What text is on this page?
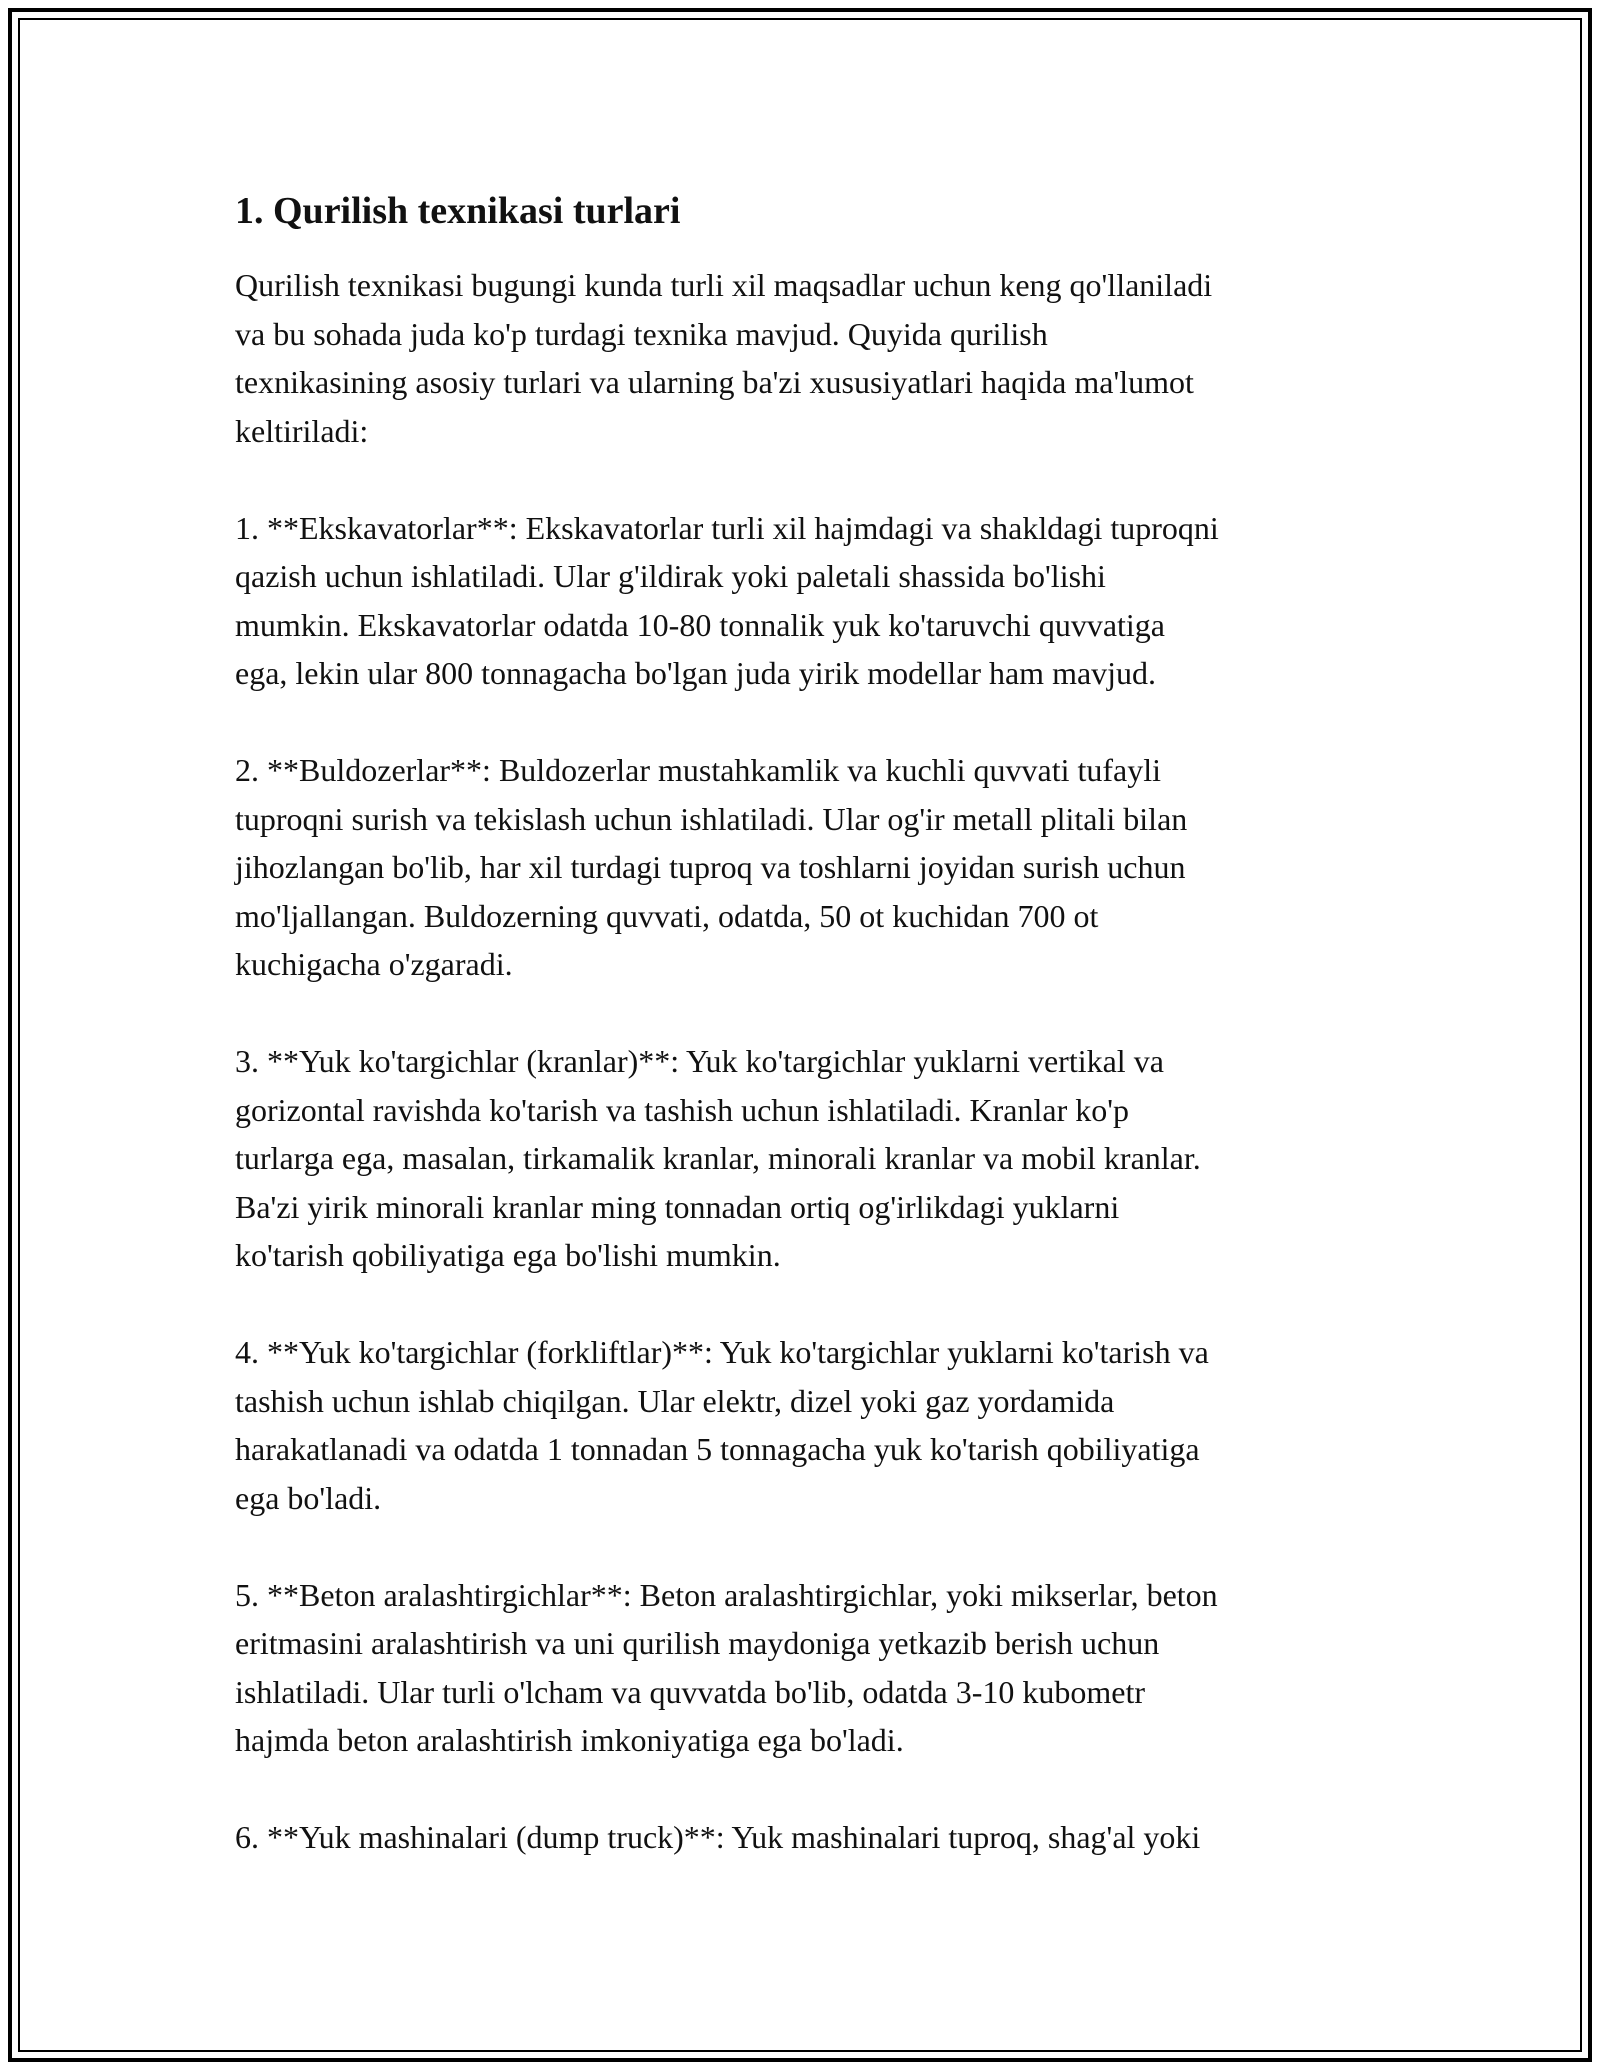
1. Qurilish texnikasi turlari

Qurilish texnikasi bugungi kunda turli xil maqsadlar uchun keng qo'llaniladi
va bu sohada juda ko'p turdagi texnika mavjud. Quyida qurilish
texnikasining asosiy turlari va ularning ba'zi xususiyatlari haqida ma'lumot
keltiriladi:

1. **Ekskavatorlar**: Ekskavatorlar turli xil hajmdagi va shakldagi tuproqni
qazish uchun ishlatiladi. Ular g'ildirak yoki paletali shassida bo'lishi
mumkin. Ekskavatorlar odatda 10-80 tonnalik yuk ko'taruvchi quvvatiga
ega, lekin ular 800 tonnagacha bo'lgan juda yirik modellar ham mavjud.

2. **Buldozerlar**: Buldozerlar mustahkamlik va kuchli quvvati tufayli
tuproqni surish va tekislash uchun ishlatiladi. Ular og'ir metall plitali bilan
jihozlangan bo'lib, har xil turdagi tuproq va toshlarni joyidan surish uchun
mo'ljallangan. Buldozerning quvvati, odatda, 50 ot kuchidan 700 ot
kuchigacha o'zgaradi.

3. **Yuk ko'targichlar (kranlar)**: Yuk ko'targichlar yuklarni vertikal va
gorizontal ravishda ko'tarish va tashish uchun ishlatiladi. Kranlar ko'p
turlarga ega, masalan, tirkamalik kranlar, minorali kranlar va mobil kranlar.
Ba'zi yirik minorali kranlar ming tonnadan ortiq og'irlikdagi yuklarni
ko'tarish qobiliyatiga ega bo'lishi mumkin.

4. **Yuk ko'targichlar (forkliftlar)**: Yuk ko'targichlar yuklarni ko'tarish va
tashish uchun ishlab chiqilgan. Ular elektr, dizel yoki gaz yordamida
harakatlanadi va odatda 1 tonnadan 5 tonnagacha yuk ko'tarish qobiliyatiga
ega bo'ladi.

5. **Beton aralashtirgichlar**: Beton aralashtirgichlar, yoki mikserlar, beton
eritmasini aralashtirish va uni qurilish maydoniga yetkazib berish uchun
ishlatiladi. Ular turli o'lcham va quvvatda bo'lib, odatda 3-10 kubometr
hajmda beton aralashtirish imkoniyatiga ega bo'ladi.

6. **Yuk mashinalari (dump truck)**: Yuk mashinalari tuproq, shag'al yoki
